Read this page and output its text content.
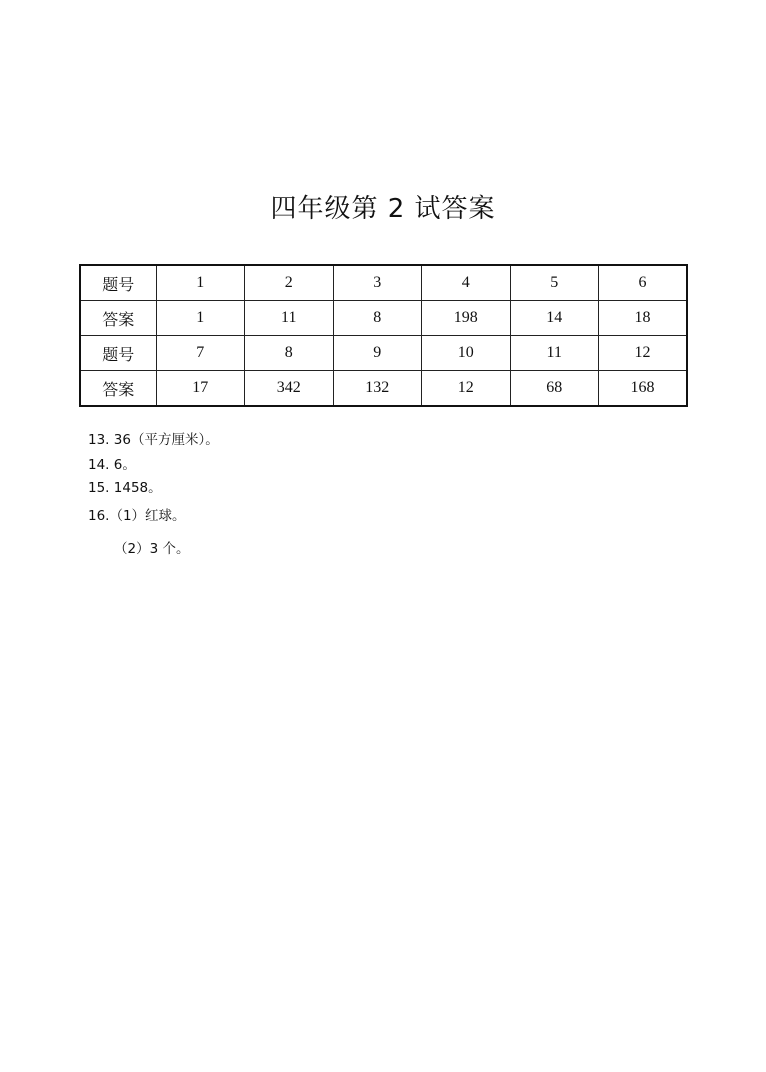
四年级第 2 试答案
题号	1	2	3	4	5	6
答案	1	11	8	198	14	18
题号	7	8	9	10	11	12
答案	17	342	132	12	68	168
13. 36（平方厘米）。
14. 6。
15. 1458。
16.（1）红球。
（2）3 个。
